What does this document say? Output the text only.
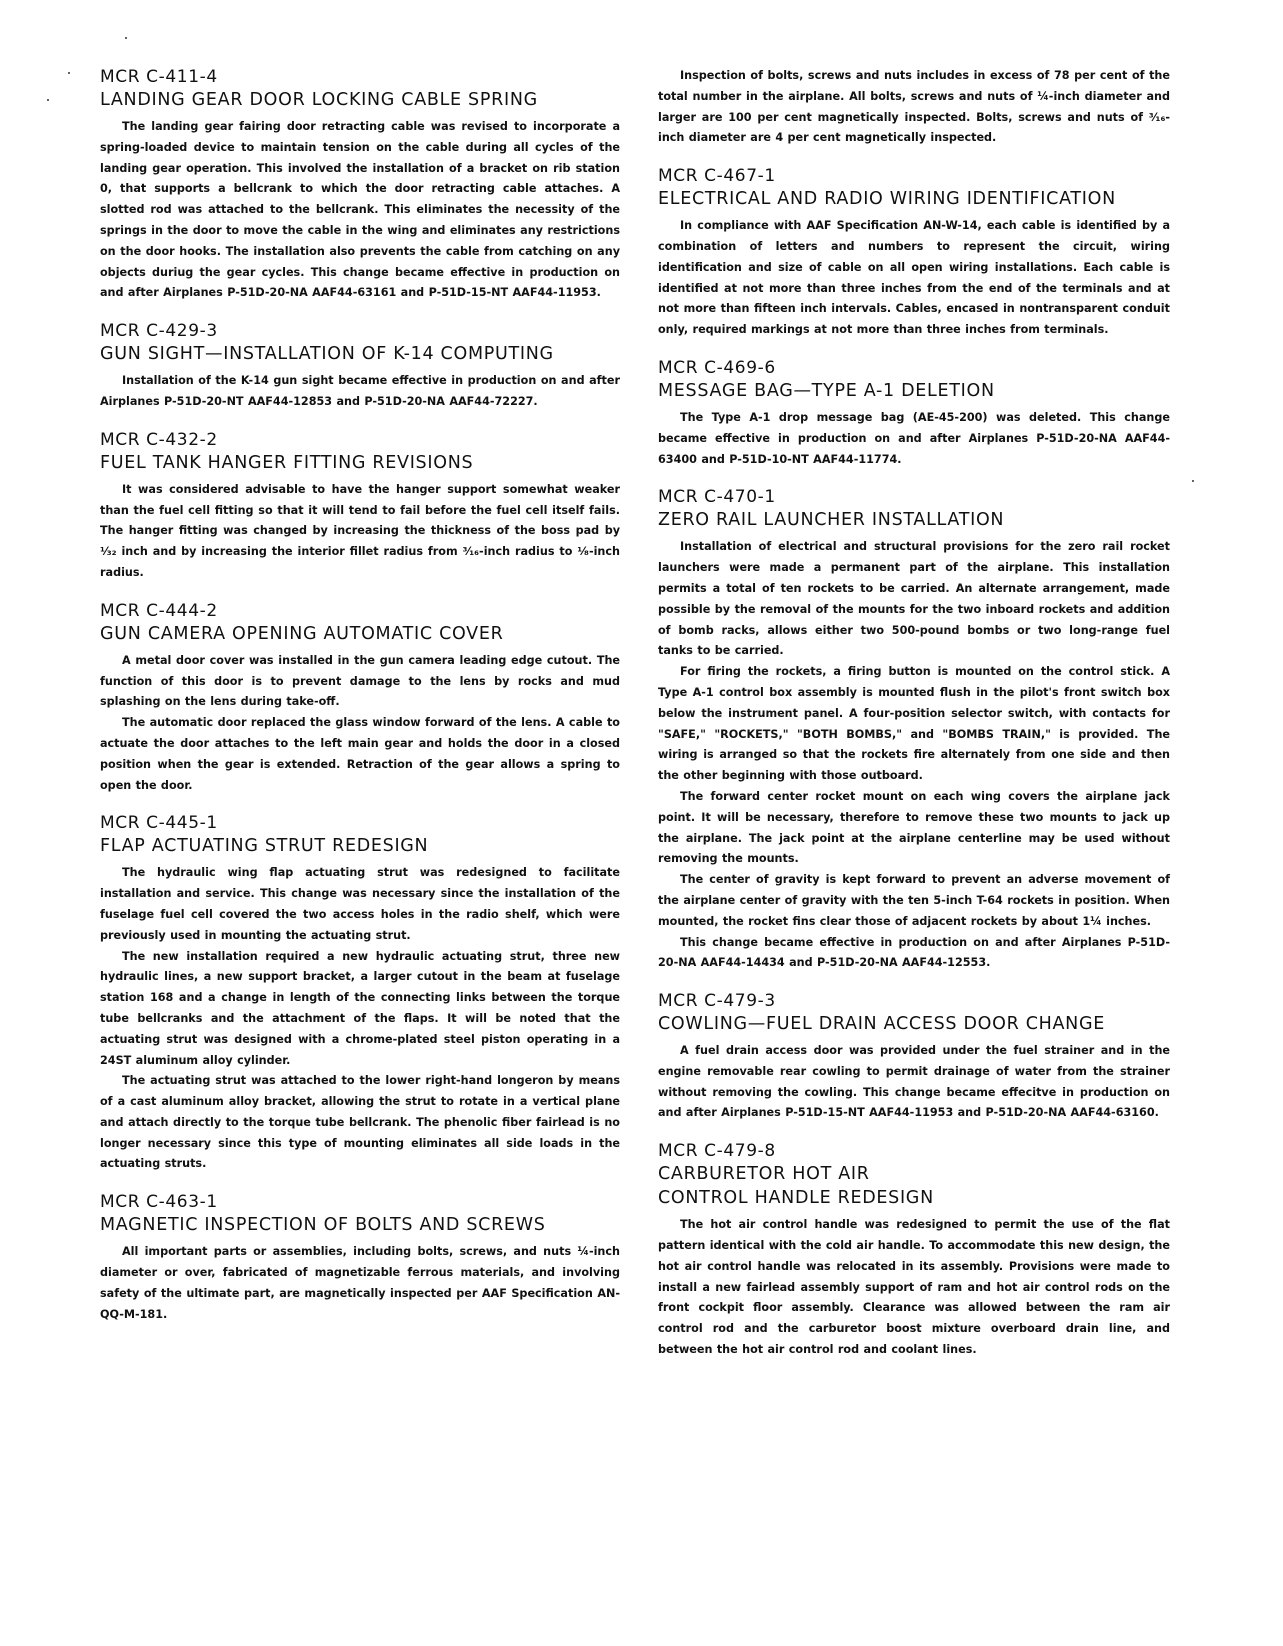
MCR C-411-4

LANDING GEAR DOOR LOCKING CABLE SPRING

The landing gear fairing door retracting cable was revised to incorporate a spring-loaded device to maintain tension on the cable during all cycles of the landing gear operation. This involved the installation of a bracket on rib station 0, that supports a bellcrank to which the door retracting cable attaches. A slotted rod was attached to the bellcrank. This eliminates the necessity of the springs in the door to move the cable in the wing and eliminates any restrictions on the door hooks. The installation also prevents the cable from catching on any objects duriug the gear cycles. This change became effective in production on and after Airplanes P-51D-20-NA AAF44-63161 and P-51D-15-NT AAF44-11953.

MCR C-429-3

GUN SIGHT—INSTALLATION OF K-14 COMPUTING

Installation of the K-14 gun sight became effective in production on and after Airplanes P-51D-20-NT AAF44-12853 and P-51D-20-NA AAF44-72227.

MCR C-432-2

FUEL TANK HANGER FITTING REVISIONS

It was considered advisable to have the hanger support somewhat weaker than the fuel cell fitting so that it will tend to fail before the fuel cell itself fails. The hanger fitting was changed by increasing the thickness of the boss pad by ¹⁄₃₂ inch and by increasing the interior fillet radius from ³⁄₁₆-inch radius to ¹⁄₈-inch radius.

MCR C-444-2

GUN CAMERA OPENING AUTOMATIC COVER

A metal door cover was installed in the gun camera leading edge cutout. The function of this door is to prevent damage to the lens by rocks and mud splashing on the lens during take-off.

The automatic door replaced the glass window forward of the lens. A cable to actuate the door attaches to the left main gear and holds the door in a closed position when the gear is extended. Retraction of the gear allows a spring to open the door.

MCR C-445-1

FLAP ACTUATING STRUT REDESIGN

The hydraulic wing flap actuating strut was redesigned to facilitate installation and service. This change was necessary since the installation of the fuselage fuel cell covered the two access holes in the radio shelf, which were previously used in mounting the actuating strut.

The new installation required a new hydraulic actuating strut, three new hydraulic lines, a new support bracket, a larger cutout in the beam at fuselage station 168 and a change in length of the connecting links between the torque tube bellcranks and the attachment of the flaps. It will be noted that the actuating strut was designed with a chrome-plated steel piston operating in a 24ST aluminum alloy cylinder.

The actuating strut was attached to the lower right-hand longeron by means of a cast aluminum alloy bracket, allowing the strut to rotate in a vertical plane and attach directly to the torque tube bellcrank. The phenolic fiber fairlead is no longer necessary since this type of mounting eliminates all side loads in the actuating struts.

MCR C-463-1

MAGNETIC INSPECTION OF BOLTS AND SCREWS

All important parts or assemblies, including bolts, screws, and nuts ¼-inch diameter or over, fabricated of magnetizable ferrous materials, and involving safety of the ultimate part, are magnetically inspected per AAF Specification AN-QQ-M-181.

Inspection of bolts, screws and nuts includes in excess of 78 per cent of the total number in the airplane. All bolts, screws and nuts of ¼-inch diameter and larger are 100 per cent magnetically inspected. Bolts, screws and nuts of ³⁄₁₆-inch diameter are 4 per cent magnetically inspected.

MCR C-467-1

ELECTRICAL AND RADIO WIRING IDENTIFICATION

In compliance with AAF Specification AN-W-14, each cable is identified by a combination of letters and numbers to represent the circuit, wiring identification and size of cable on all open wiring installations. Each cable is identified at not more than three inches from the end of the terminals and at not more than fifteen inch intervals. Cables, encased in nontransparent conduit only, required markings at not more than three inches from terminals.

MCR C-469-6

MESSAGE BAG—TYPE A-1 DELETION

The Type A-1 drop message bag (AE-45-200) was deleted. This change became effective in production on and after Airplanes P-51D-20-NA AAF44-63400 and P-51D-10-NT AAF44-11774.

MCR C-470-1

ZERO RAIL LAUNCHER INSTALLATION

Installation of electrical and structural provisions for the zero rail rocket launchers were made a permanent part of the airplane. This installation permits a total of ten rockets to be carried. An alternate arrangement, made possible by the removal of the mounts for the two inboard rockets and addition of bomb racks, allows either two 500-pound bombs or two long-range fuel tanks to be carried.

For firing the rockets, a firing button is mounted on the control stick. A Type A-1 control box assembly is mounted flush in the pilot's front switch box below the instrument panel. A four-position selector switch, with contacts for "SAFE," "ROCKETS," "BOTH BOMBS," and "BOMBS TRAIN," is provided. The wiring is arranged so that the rockets fire alternately from one side and then the other beginning with those outboard.

The forward center rocket mount on each wing covers the airplane jack point. It will be necessary, therefore to remove these two mounts to jack up the airplane. The jack point at the airplane centerline may be used without removing the mounts.

The center of gravity is kept forward to prevent an adverse movement of the airplane center of gravity with the ten 5-inch T-64 rockets in position. When mounted, the rocket fins clear those of adjacent rockets by about 1¼ inches.

This change became effective in production on and after Airplanes P-51D-20-NA AAF44-14434 and P-51D-20-NA AAF44-12553.

MCR C-479-3

COWLING—FUEL DRAIN ACCESS DOOR CHANGE

A fuel drain access door was provided under the fuel strainer and in the engine removable rear cowling to permit drainage of water from the strainer without removing the cowling. This change became effecitve in production on and after Airplanes P-51D-15-NT AAF44-11953 and P-51D-20-NA AAF44-63160.

MCR C-479-8

CARBURETOR HOT AIR

CONTROL HANDLE REDESIGN

The hot air control handle was redesigned to permit the use of the flat pattern identical with the cold air handle. To accommodate this new design, the hot air control handle was relocated in its assembly. Provisions were made to install a new fairlead assembly support of ram and hot air control rods on the front cockpit floor assembly. Clearance was allowed between the ram air control rod and the carburetor boost mixture overboard drain line, and between the hot air control rod and coolant lines.
